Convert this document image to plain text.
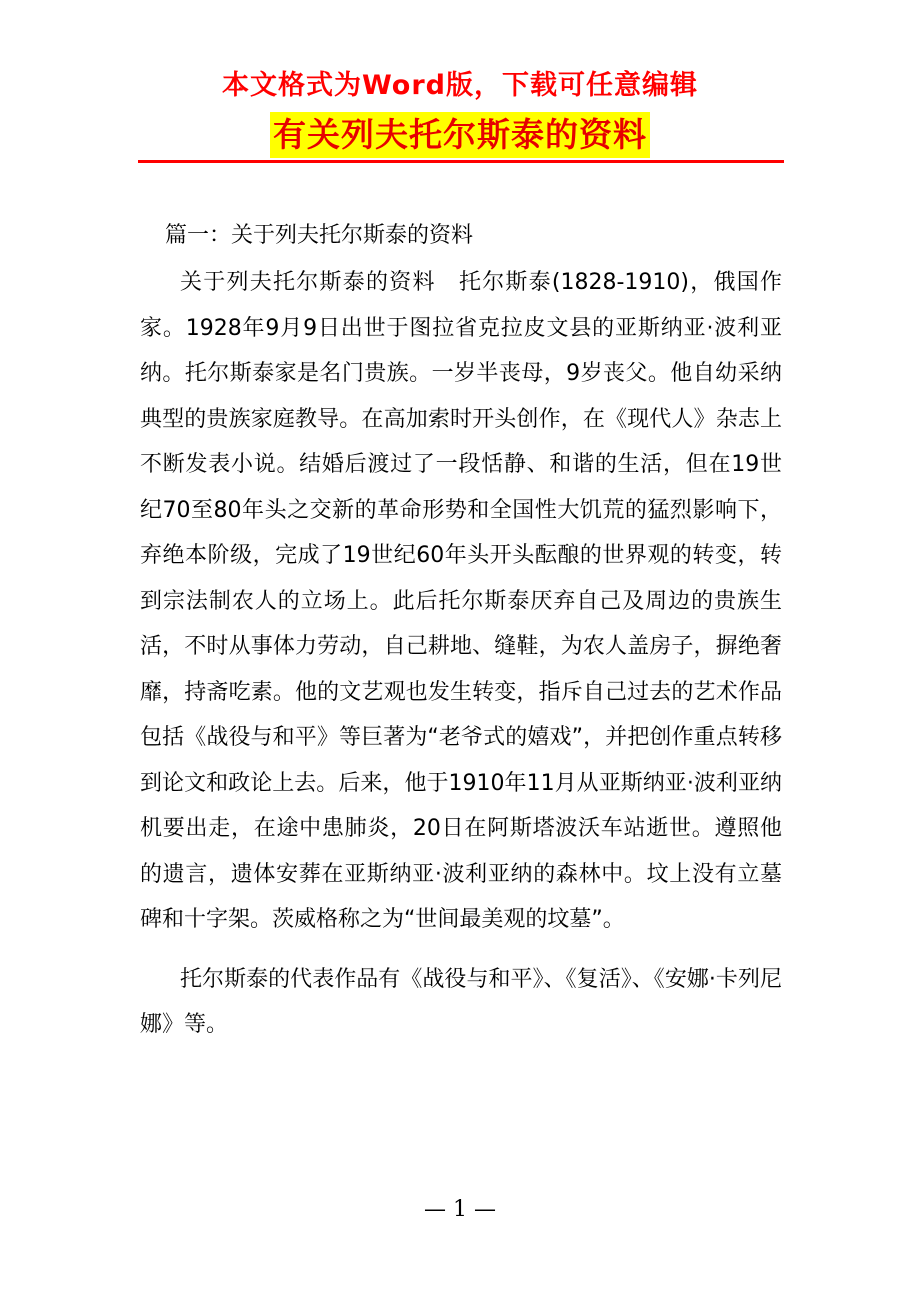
本文格式为Word版，下载可任意编辑
有关列夫托尔斯泰的资料
篇一：关于列夫托尔斯泰的资料

关于列夫托尔斯泰的资料　托尔斯泰(1828-1910)，俄国作家。1928年9月9日出世于图拉省克拉皮文县的亚斯纳亚·波利亚纳。托尔斯泰家是名门贵族。一岁半丧母，9岁丧父。他自幼采纳典型的贵族家庭教导。在高加索时开头创作，在《现代人》杂志上不断发表小说。结婚后渡过了一段恬静、和谐的生活，但在19世纪70至80年头之交新的革命形势和全国性大饥荒的猛烈影响下，弃绝本阶级，完成了19世纪60年头开头酝酿的世界观的转变，转到宗法制农人的立场上。此后托尔斯泰厌弃自己及周边的贵族生活，不时从事体力劳动，自己耕地、缝鞋，为农人盖房子，摒绝奢靡，持斋吃素。他的文艺观也发生转变，指斥自己过去的艺术作品包括《战役与和平》等巨著为“老爷式的嬉戏”，并把创作重点转移到论文和政论上去。后来，他于1910年11月从亚斯纳亚·波利亚纳机要出走，在途中患肺炎，20日在阿斯塔波沃车站逝世。遵照他的遗言，遗体安葬在亚斯纳亚·波利亚纳的森林中。坟上没有立墓碑和十字架。茨威格称之为“世间最美观的坟墓”。

托尔斯泰的代表作品有《战役与和平》、《复活》、《安娜·卡列尼娜》等。

— 1 —
